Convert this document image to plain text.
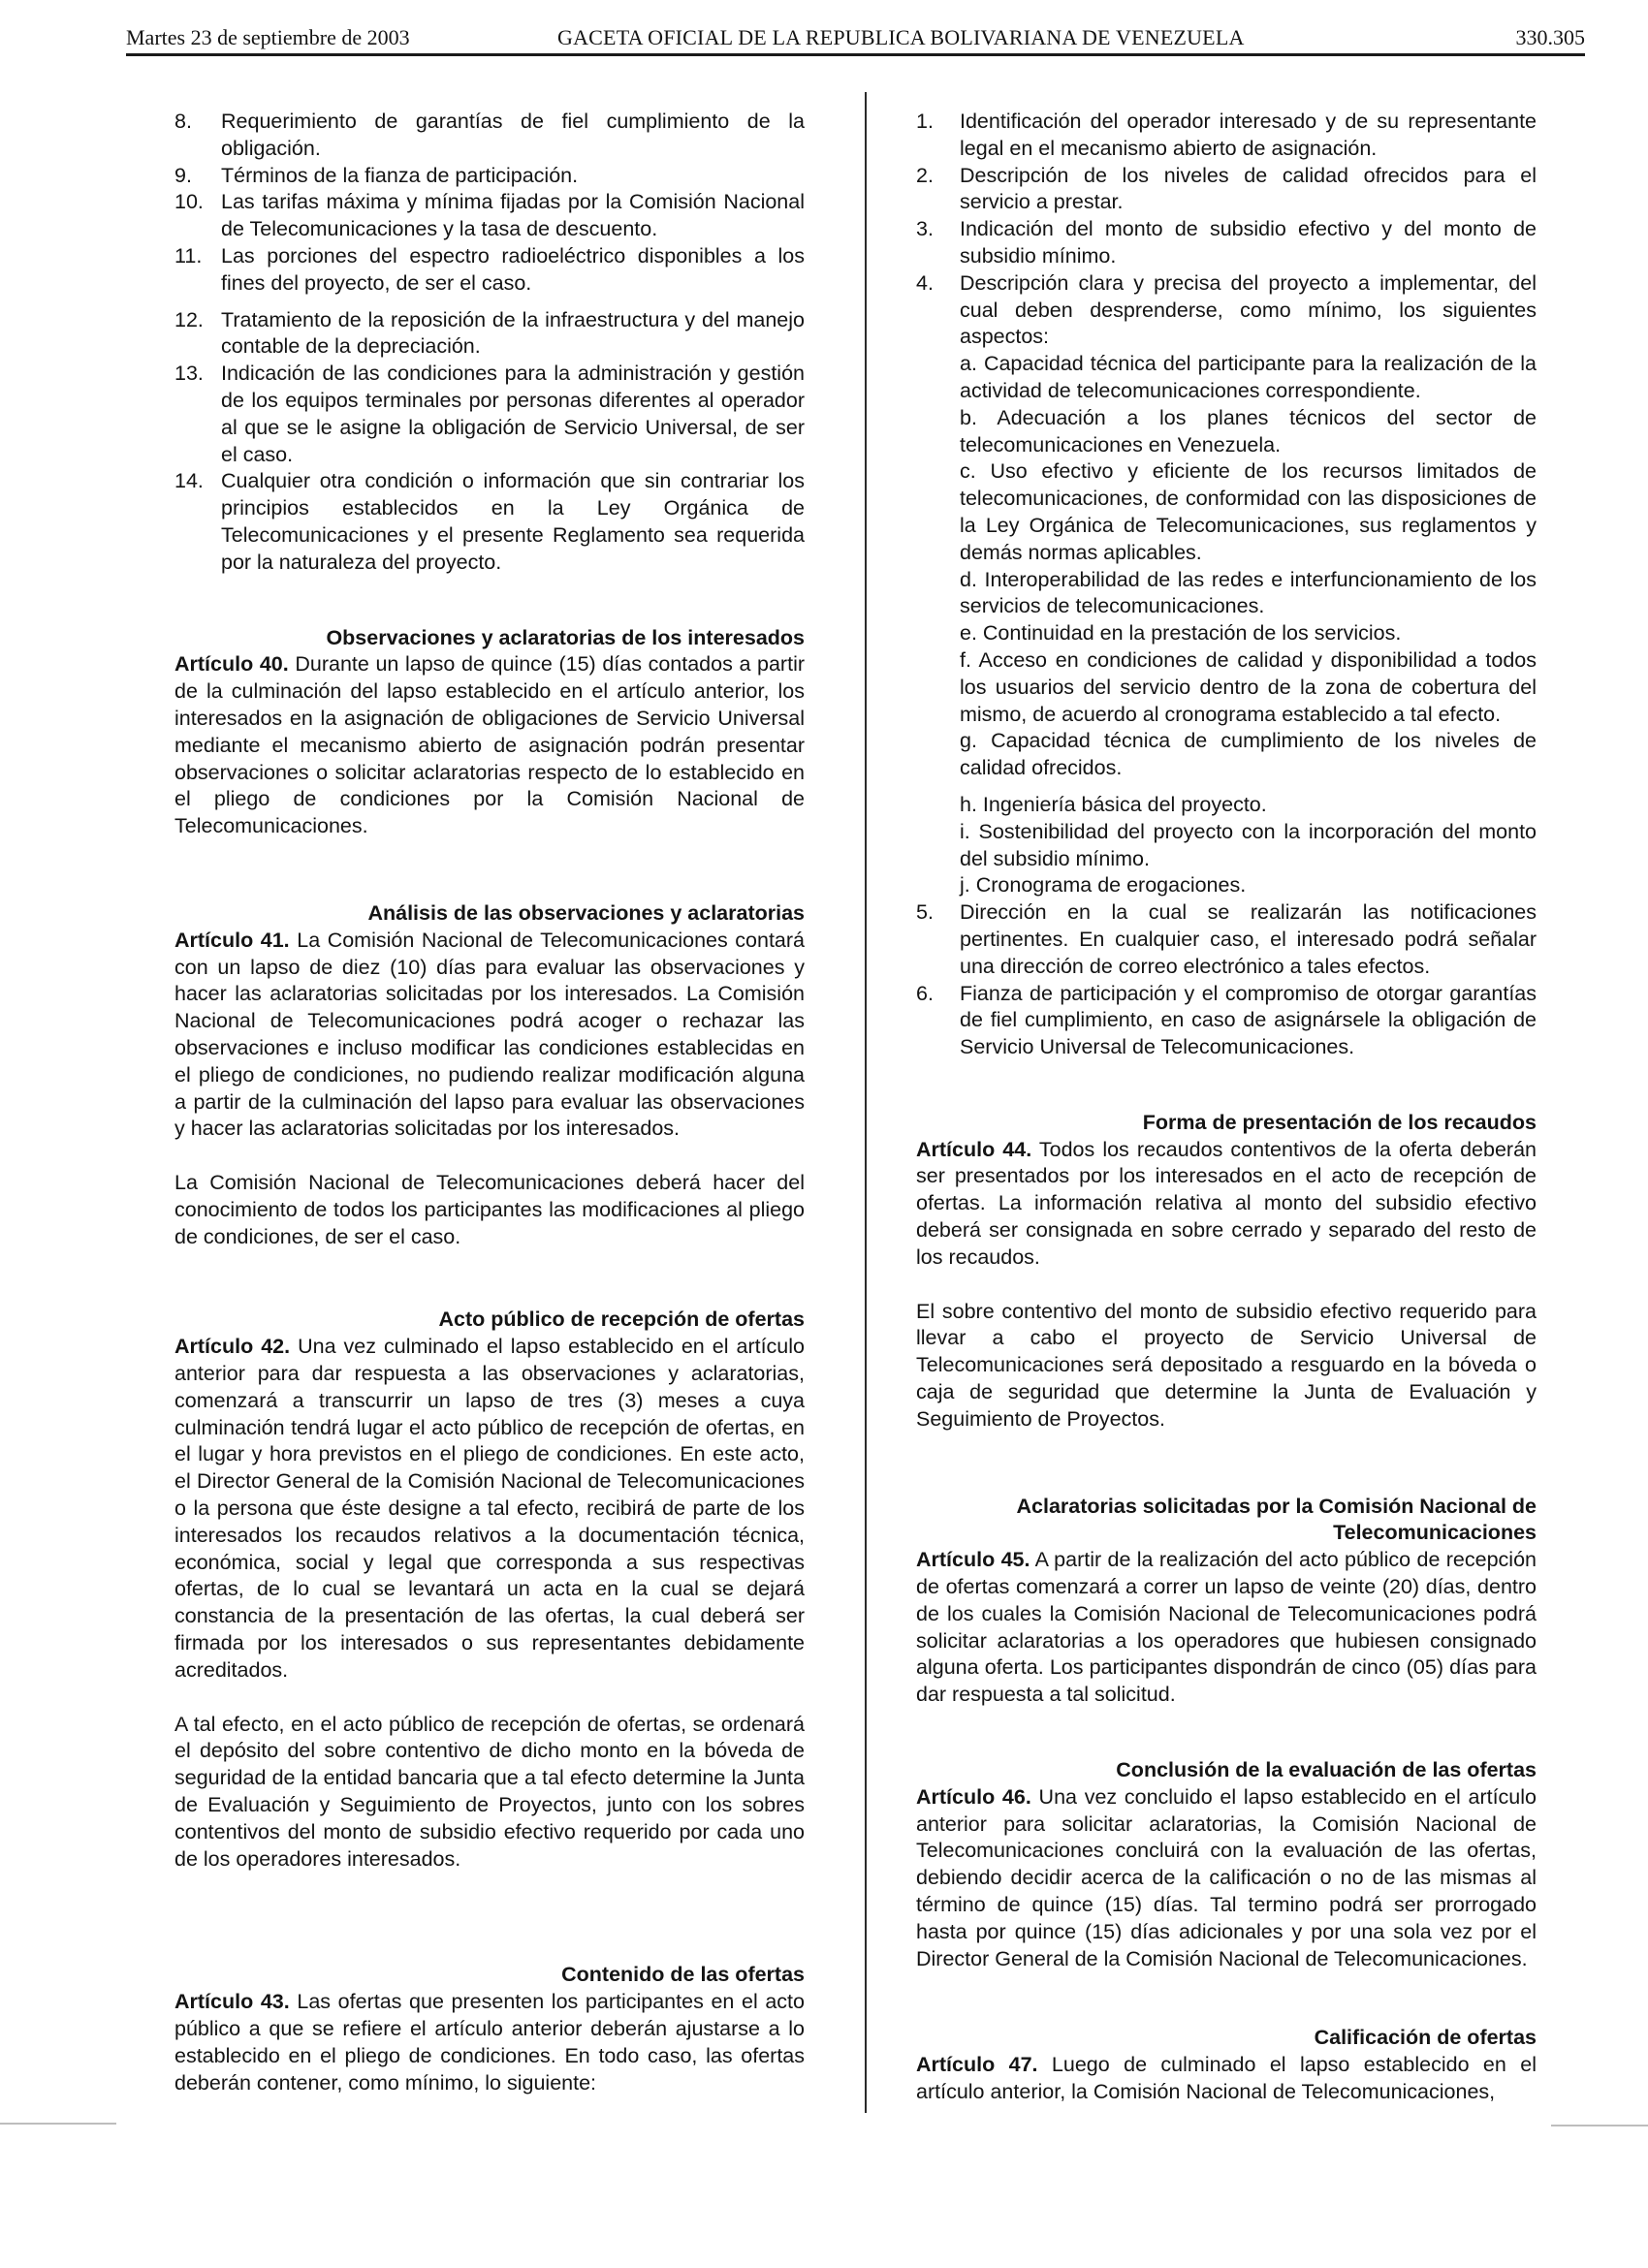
Martes 23 de septiembre de 2003	GACETA OFICIAL DE LA REPUBLICA BOLIVARIANA DE VENEZUELA	330.305
8. Requerimiento de garantías de fiel cumplimiento de la obligación.
9. Términos de la fianza de participación.
10. Las tarifas máxima y mínima fijadas por la Comisión Nacional de Telecomunicaciones y la tasa de descuento.
11. Las porciones del espectro radioeléctrico disponibles a los fines del proyecto, de ser el caso.
12. Tratamiento de la reposición de la infraestructura y del manejo contable de la depreciación.
13. Indicación de las condiciones para la administración y gestión de los equipos terminales por personas diferentes al operador al que se le asigne la obligación de Servicio Universal, de ser el caso.
14. Cualquier otra condición o información que sin contrariar los principios establecidos en la Ley Orgánica de Telecomunicaciones y el presente Reglamento sea requerida por la naturaleza del proyecto.
Observaciones y aclaratorias de los interesados

Artículo 40. Durante un lapso de quince (15) días contados a partir de la culminación del lapso establecido en el artículo anterior, los interesados en la asignación de obligaciones de Servicio Universal mediante el mecanismo abierto de asignación podrán presentar observaciones o solicitar aclaratorias respecto de lo establecido en el pliego de condiciones por la Comisión Nacional de Telecomunicaciones.

Análisis de las observaciones y aclaratorias

Artículo 41. La Comisión Nacional de Telecomunicaciones contará con un lapso de diez (10) días para evaluar las observaciones y hacer las aclaratorias solicitadas por los interesados. La Comisión Nacional de Telecomunicaciones podrá acoger o rechazar las observaciones e incluso modificar las condiciones establecidas en el pliego de condiciones, no pudiendo realizar modificación alguna a partir de la culminación del lapso para evaluar las observaciones y hacer las aclaratorias solicitadas por los interesados.

La Comisión Nacional de Telecomunicaciones deberá hacer del conocimiento de todos los participantes las modificaciones al pliego de condiciones, de ser el caso.

Acto público de recepción de ofertas

Artículo 42. Una vez culminado el lapso establecido en el artículo anterior para dar respuesta a las observaciones y aclaratorias, comenzará a transcurrir un lapso de tres (3) meses a cuya culminación tendrá lugar el acto público de recepción de ofertas, en el lugar y hora previstos en el pliego de condiciones. En este acto, el Director General de la Comisión Nacional de Telecomunicaciones o la persona que éste designe a tal efecto, recibirá de parte de los interesados los recaudos relativos a la documentación técnica, económica, social y legal que corresponda a sus respectivas ofertas, de lo cual se levantará un acta en la cual se dejará constancia de la presentación de las ofertas, la cual deberá ser firmada por los interesados o sus representantes debidamente acreditados.

A tal efecto, en el acto público de recepción de ofertas, se ordenará el depósito del sobre contentivo de dicho monto en la bóveda de seguridad de la entidad bancaria que a tal efecto determine la Junta de Evaluación y Seguimiento de Proyectos, junto con los sobres contentivos del monto de subsidio efectivo requerido por cada uno de los operadores interesados.

Contenido de las ofertas

Artículo 43. Las ofertas que presenten los participantes en el acto público a que se refiere el artículo anterior deberán ajustarse a lo establecido en el pliego de condiciones. En todo caso, las ofertas deberán contener, como mínimo, lo siguiente:

1. Identificación del operador interesado y de su representante legal en el mecanismo abierto de asignación.
2. Descripción de los niveles de calidad ofrecidos para el servicio a prestar.
3. Indicación del monto de subsidio efectivo y del monto de subsidio mínimo.
4. Descripción clara y precisa del proyecto a implementar, del cual deben desprenderse, como mínimo, los siguientes aspectos:

a. Capacidad técnica del participante para la realización de la actividad de telecomunicaciones correspondiente.

b. Adecuación a los planes técnicos del sector de telecomunicaciones en Venezuela.

c. Uso efectivo y eficiente de los recursos limitados de telecomunicaciones, de conformidad con las disposiciones de la Ley Orgánica de Telecomunicaciones, sus reglamentos y demás normas aplicables.

d. Interoperabilidad de las redes e interfuncionamiento de los servicios de telecomunicaciones.

e. Continuidad en la prestación de los servicios.

f. Acceso en condiciones de calidad y disponibilidad a todos los usuarios del servicio dentro de la zona de cobertura del mismo, de acuerdo al cronograma establecido a tal efecto.

g. Capacidad técnica de cumplimiento de los niveles de calidad ofrecidos.

h. Ingeniería básica del proyecto.

i. Sostenibilidad del proyecto con la incorporación del monto del subsidio mínimo.

j. Cronograma de erogaciones.

5. Dirección en la cual se realizarán las notificaciones pertinentes. En cualquier caso, el interesado podrá señalar una dirección de correo electrónico a tales efectos.
6. Fianza de participación y el compromiso de otorgar garantías de fiel cumplimiento, en caso de asignársele la obligación de Servicio Universal de Telecomunicaciones.
Forma de presentación de los recaudos

Artículo 44. Todos los recaudos contentivos de la oferta deberán ser presentados por los interesados en el acto de recepción de ofertas. La información relativa al monto del subsidio efectivo deberá ser consignada en sobre cerrado y separado del resto de los recaudos.

El sobre contentivo del monto de subsidio efectivo requerido para llevar a cabo el proyecto de Servicio Universal de Telecomunicaciones será depositado a resguardo en la bóveda o caja de seguridad que determine la Junta de Evaluación y Seguimiento de Proyectos.

Aclaratorias solicitadas por la Comisión Nacional de
Telecomunicaciones

Artículo 45. A partir de la realización del acto público de recepción de ofertas comenzará a correr un lapso de veinte (20) días, dentro de los cuales la Comisión Nacional de Telecomunicaciones podrá solicitar aclaratorias a los operadores que hubiesen consignado alguna oferta. Los participantes dispondrán de cinco (05) días para dar respuesta a tal solicitud.

Conclusión de la evaluación de las ofertas

Artículo 46. Una vez concluido el lapso establecido en el artículo anterior para solicitar aclaratorias, la Comisión Nacional de Telecomunicaciones concluirá con la evaluación de las ofertas, debiendo decidir acerca de la calificación o no de las mismas al término de quince (15) días. Tal termino podrá ser prorrogado hasta por quince (15) días adicionales y por una sola vez por el Director General de la Comisión Nacional de Telecomunicaciones.

Calificación de ofertas

Artículo 47. Luego de culminado el lapso establecido en el artículo anterior, la Comisión Nacional de Telecomunicaciones,
